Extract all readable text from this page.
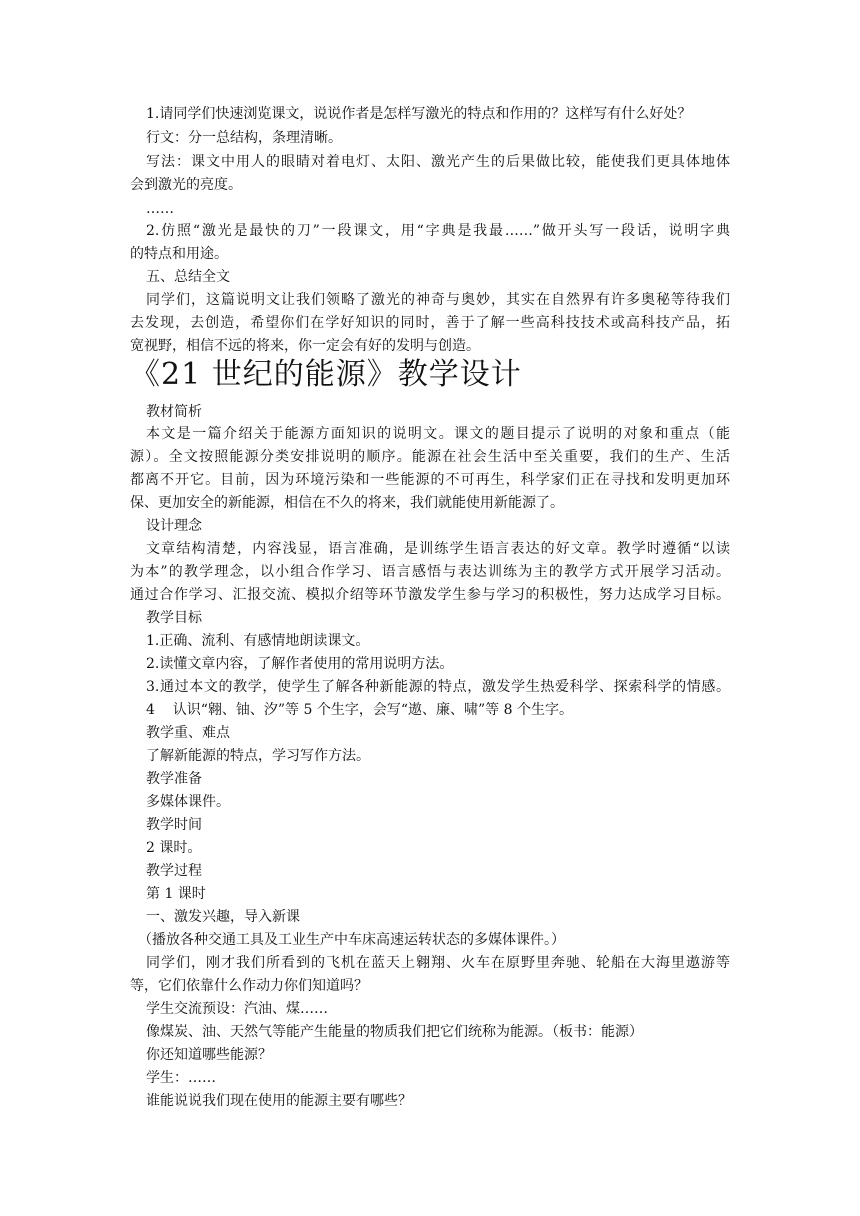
1.请同学们快速浏览课文，说说作者是怎样写激光的特点和作用的？这样写有什么好处？
行文：分一总结构，条理清晰。
写法：课文中用人的眼睛对着电灯、太阳、激光产生的后果做比较，能使我们更具体地体
会到激光的亮度。
……
2.仿照“激光是最快的刀”一段课文，用“字典是我最……”做开头写一段话，说明字典
的特点和用途。
五、总结全文
同学们，这篇说明文让我们领略了激光的神奇与奥妙，其实在自然界有许多奥秘等待我们
去发现，去创造，希望你们在学好知识的同时，善于了解一些高科技技术或高科技产品，拓
宽视野，相信不远的将来，你一定会有好的发明与创造。
《21 世纪的能源》教学设计
教材简析
本文是一篇介绍关于能源方面知识的说明文。课文的题目提示了说明的对象和重点（能
源）。全文按照能源分类安排说明的顺序。能源在社会生活中至关重要，我们的生产、生活
都离不开它。目前，因为环境污染和一些能源的不可再生，科学家们正在寻找和发明更加环
保、更加安全的新能源，相信在不久的将来，我们就能使用新能源了。
设计理念
文章结构清楚，内容浅显，语言准确，是训练学生语言表达的好文章。教学时遵循“以读
为本”的教学理念，以小组合作学习、语言感悟与表达训练为主的教学方式开展学习活动。
通过合作学习、汇报交流、模拟介绍等环节激发学生参与学习的积极性，努力达成学习目标。
教学目标
1.正确、流利、有感情地朗读课文。
2.读懂文章内容，了解作者使用的常用说明方法。
3.通过本文的教学，使学生了解各种新能源的特点，激发学生热爱科学、探索科学的情感。
4    认识“翱、铀、汐”等 5 个生字，会写“遨、廉、啸”等 8 个生字。
教学重、难点
了解新能源的特点，学习写作方法。
教学准备
多媒体课件。
教学时间
2 课时。
教学过程
第 1 课时
一、激发兴趣，导入新课
（播放各种交通工具及工业生产中车床高速运转状态的多媒体课件。）
同学们，刚才我们所看到的飞机在蓝天上翱翔、火车在原野里奔驰、轮船在大海里遨游等
等，它们依靠什么作动力你们知道吗？
学生交流预设：汽油、煤……
像煤炭、油、天然气等能产生能量的物质我们把它们统称为能源。（板书：能源）
你还知道哪些能源？
学生：……
谁能说说我们现在使用的能源主要有哪些？
